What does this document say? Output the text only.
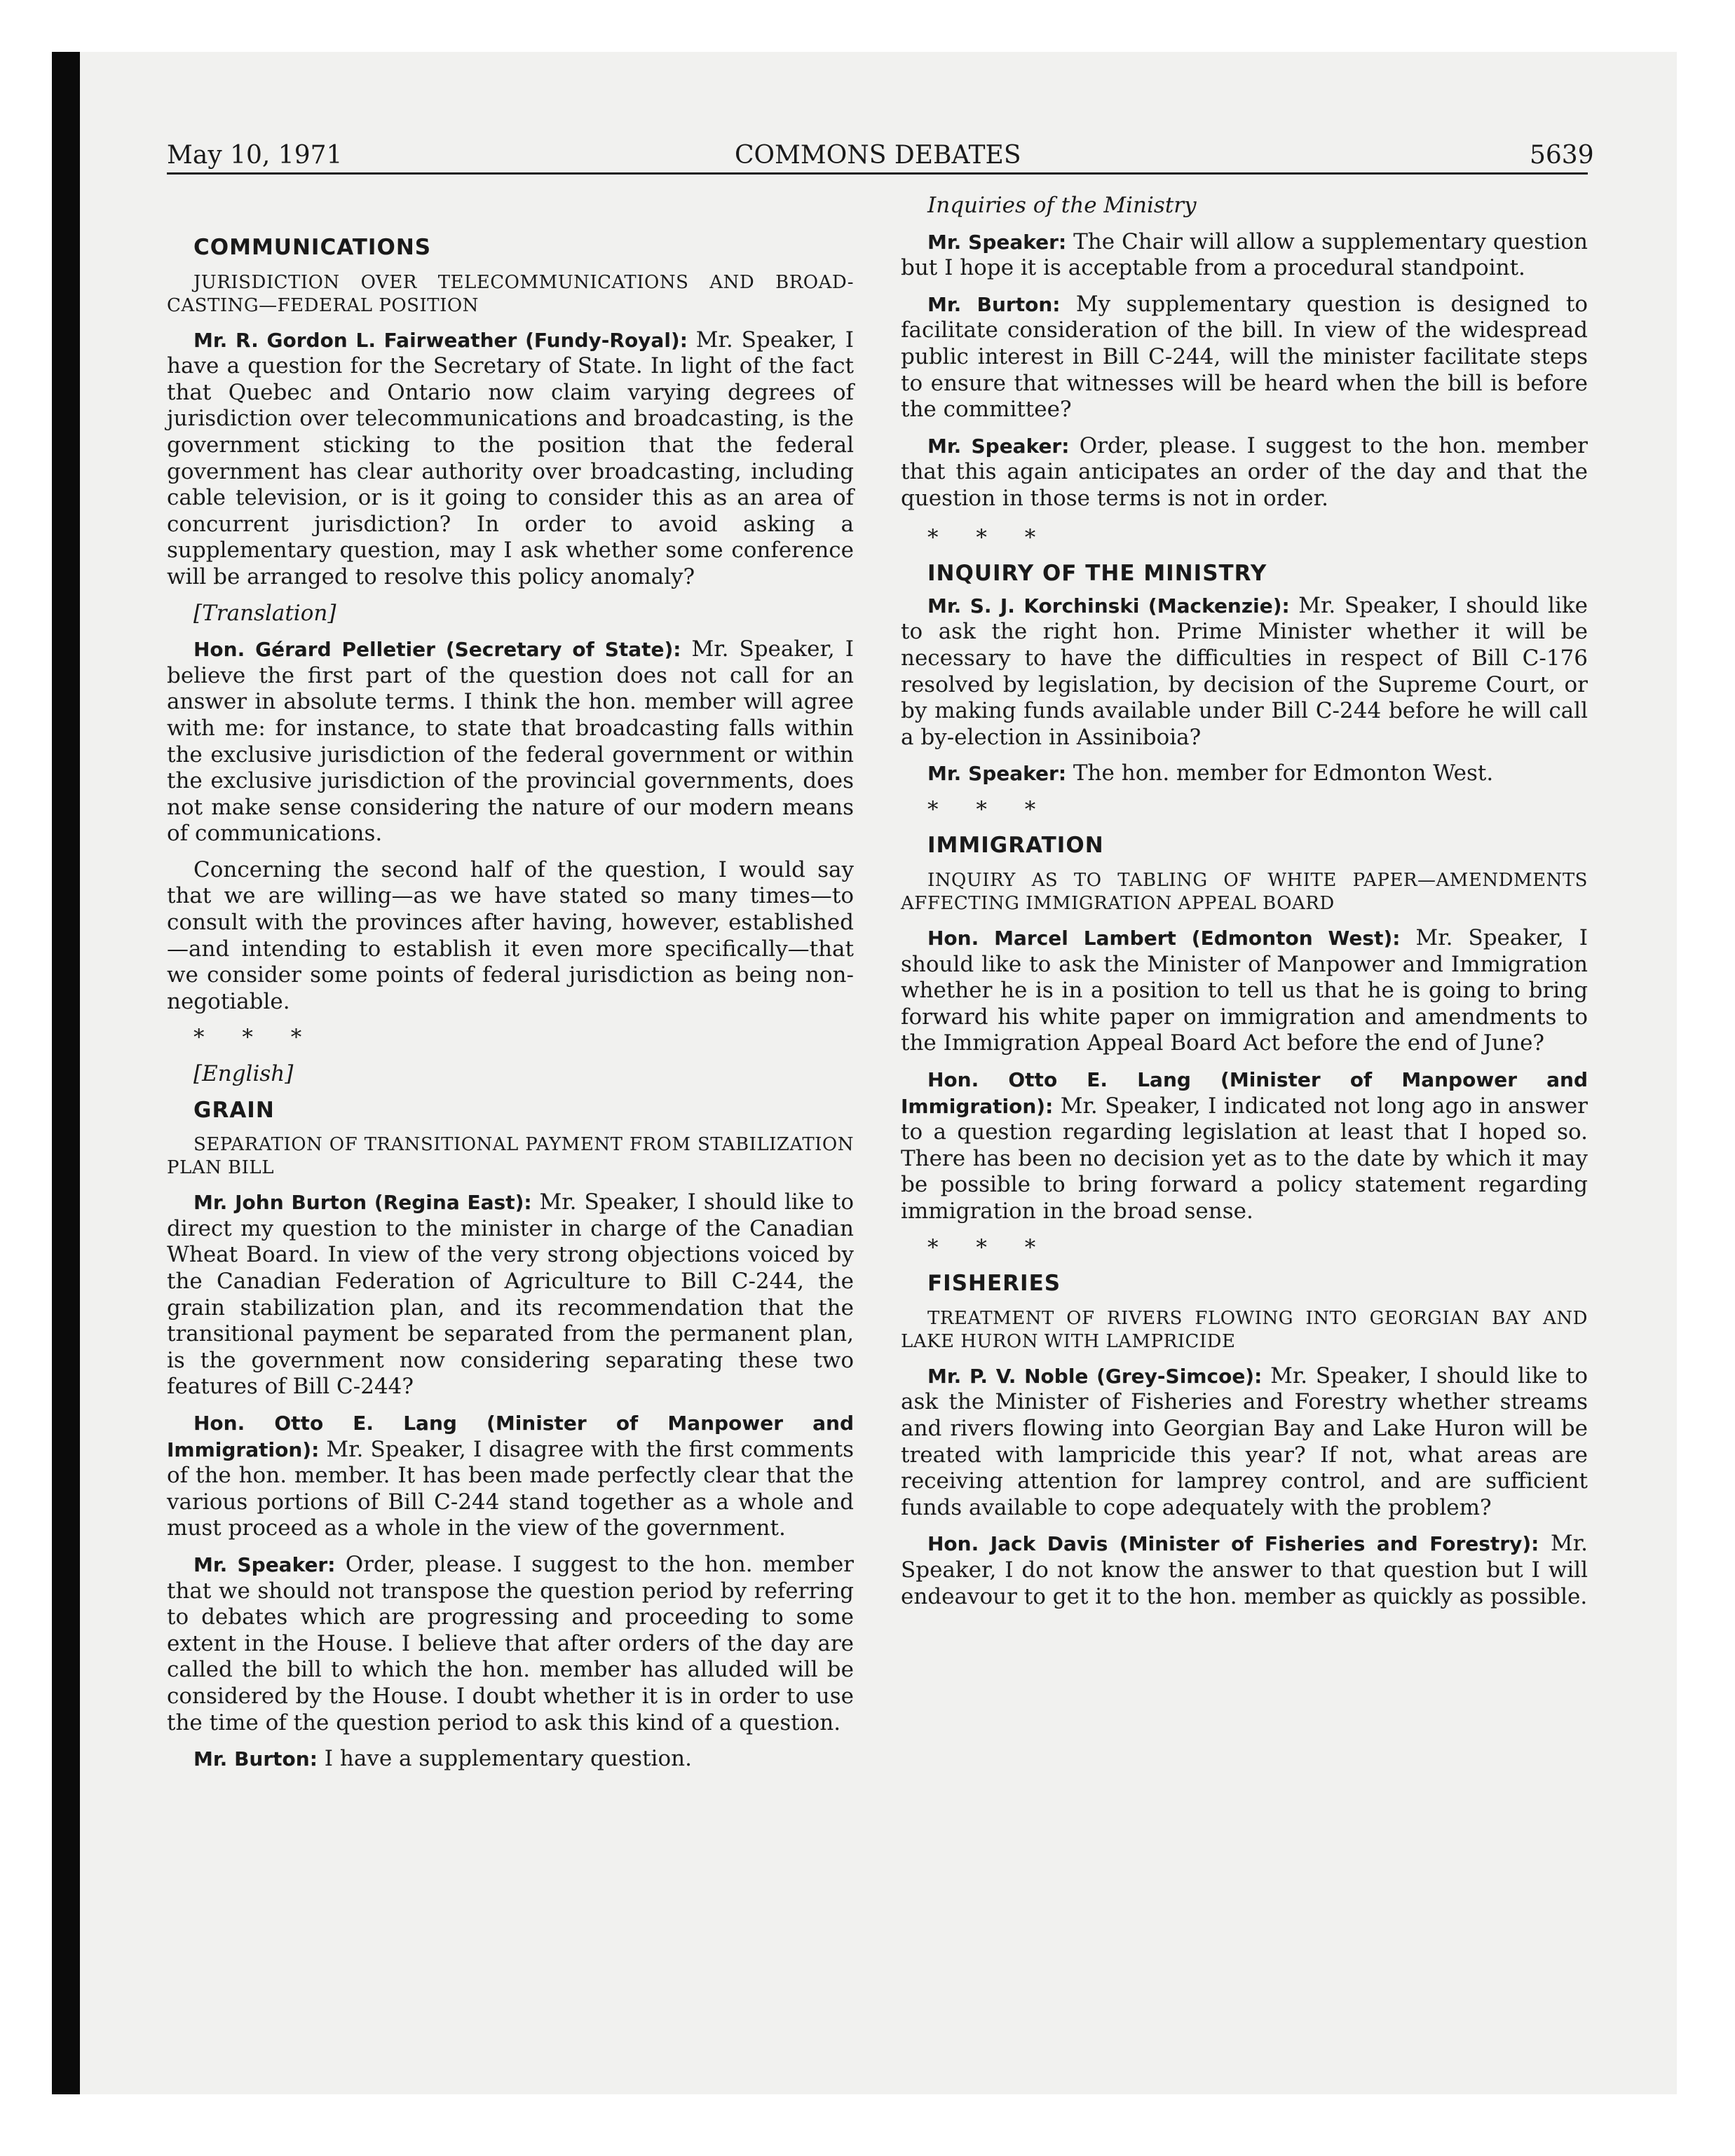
May 10, 1971	COMMONS DEBATES	5639

COMMUNICATIONS

JURISDICTION OVER TELECOMMUNICATIONS AND BROAD-CASTING—FEDERAL POSITION

Mr. R. Gordon L. Fairweather (Fundy-Royal): Mr. Speaker, I have a question for the Secretary of State. In light of the fact that Quebec and Ontario now claim varying degrees of jurisdiction over telecommunications and broadcasting, is the government sticking to the position that the federal government has clear authority over broadcasting, including cable television, or is it going to consider this as an area of concurrent jurisdiction? In order to avoid asking a supplementary question, may I ask whether some conference will be arranged to resolve this policy anomaly?

[Translation]

Hon. Gérard Pelletier (Secretary of State): Mr. Speaker, I believe the first part of the question does not call for an answer in absolute terms. I think the hon. member will agree with me: for instance, to state that broadcasting falls within the exclusive jurisdiction of the federal government or within the exclusive jurisdiction of the provincial governments, does not make sense considering the nature of our modern means of communications.

Concerning the second half of the question, I would say that we are willing—as we have stated so many times—to consult with the provinces after having, however, established—and intending to establish it even more specifically—that we consider some points of federal jurisdiction as being non-negotiable.

* * *

[English]

GRAIN

SEPARATION OF TRANSITIONAL PAYMENT FROM STABILIZATION PLAN BILL

Mr. John Burton (Regina East): Mr. Speaker, I should like to direct my question to the minister in charge of the Canadian Wheat Board. In view of the very strong objections voiced by the Canadian Federation of Agriculture to Bill C-244, the grain stabilization plan, and its recommendation that the transitional payment be separated from the permanent plan, is the government now considering separating these two features of Bill C-244?

Hon. Otto E. Lang (Minister of Manpower and Immigration): Mr. Speaker, I disagree with the first comments of the hon. member. It has been made perfectly clear that the various portions of Bill C-244 stand together as a whole and must proceed as a whole in the view of the government.

Mr. Speaker: Order, please. I suggest to the hon. member that we should not transpose the question period by referring to debates which are progressing and proceeding to some extent in the House. I believe that after orders of the day are called the bill to which the hon. member has alluded will be considered by the House. I doubt whether it is in order to use the time of the question period to ask this kind of a question.

Mr. Burton: I have a supplementary question.

Inquiries of the Ministry

Mr. Speaker: The Chair will allow a supplementary question but I hope it is acceptable from a procedural standpoint.

Mr. Burton: My supplementary question is designed to facilitate consideration of the bill. In view of the widespread public interest in Bill C-244, will the minister facilitate steps to ensure that witnesses will be heard when the bill is before the committee?

Mr. Speaker: Order, please. I suggest to the hon. member that this again anticipates an order of the day and that the question in those terms is not in order.

* * *

INQUIRY OF THE MINISTRY

Mr. S. J. Korchinski (Mackenzie): Mr. Speaker, I should like to ask the right hon. Prime Minister whether it will be necessary to have the difficulties in respect of Bill C-176 resolved by legislation, by decision of the Supreme Court, or by making funds available under Bill C-244 before he will call a by-election in Assiniboia?

Mr. Speaker: The hon. member for Edmonton West.

* * *

IMMIGRATION

INQUIRY AS TO TABLING OF WHITE PAPER—AMENDMENTS AFFECTING IMMIGRATION APPEAL BOARD

Hon. Marcel Lambert (Edmonton West): Mr. Speaker, I should like to ask the Minister of Manpower and Immigration whether he is in a position to tell us that he is going to bring forward his white paper on immigration and amendments to the Immigration Appeal Board Act before the end of June?

Hon. Otto E. Lang (Minister of Manpower and Immigration): Mr. Speaker, I indicated not long ago in answer to a question regarding legislation at least that I hoped so. There has been no decision yet as to the date by which it may be possible to bring forward a policy statement regarding immigration in the broad sense.

* * *

FISHERIES

TREATMENT OF RIVERS FLOWING INTO GEORGIAN BAY AND LAKE HURON WITH LAMPRICIDE

Mr. P. V. Noble (Grey-Simcoe): Mr. Speaker, I should like to ask the Minister of Fisheries and Forestry whether streams and rivers flowing into Georgian Bay and Lake Huron will be treated with lampricide this year? If not, what areas are receiving attention for lamprey control, and are sufficient funds available to cope adequately with the problem?

Hon. Jack Davis (Minister of Fisheries and Forestry): Mr. Speaker, I do not know the answer to that question but I will endeavour to get it to the hon. member as quickly as possible.
